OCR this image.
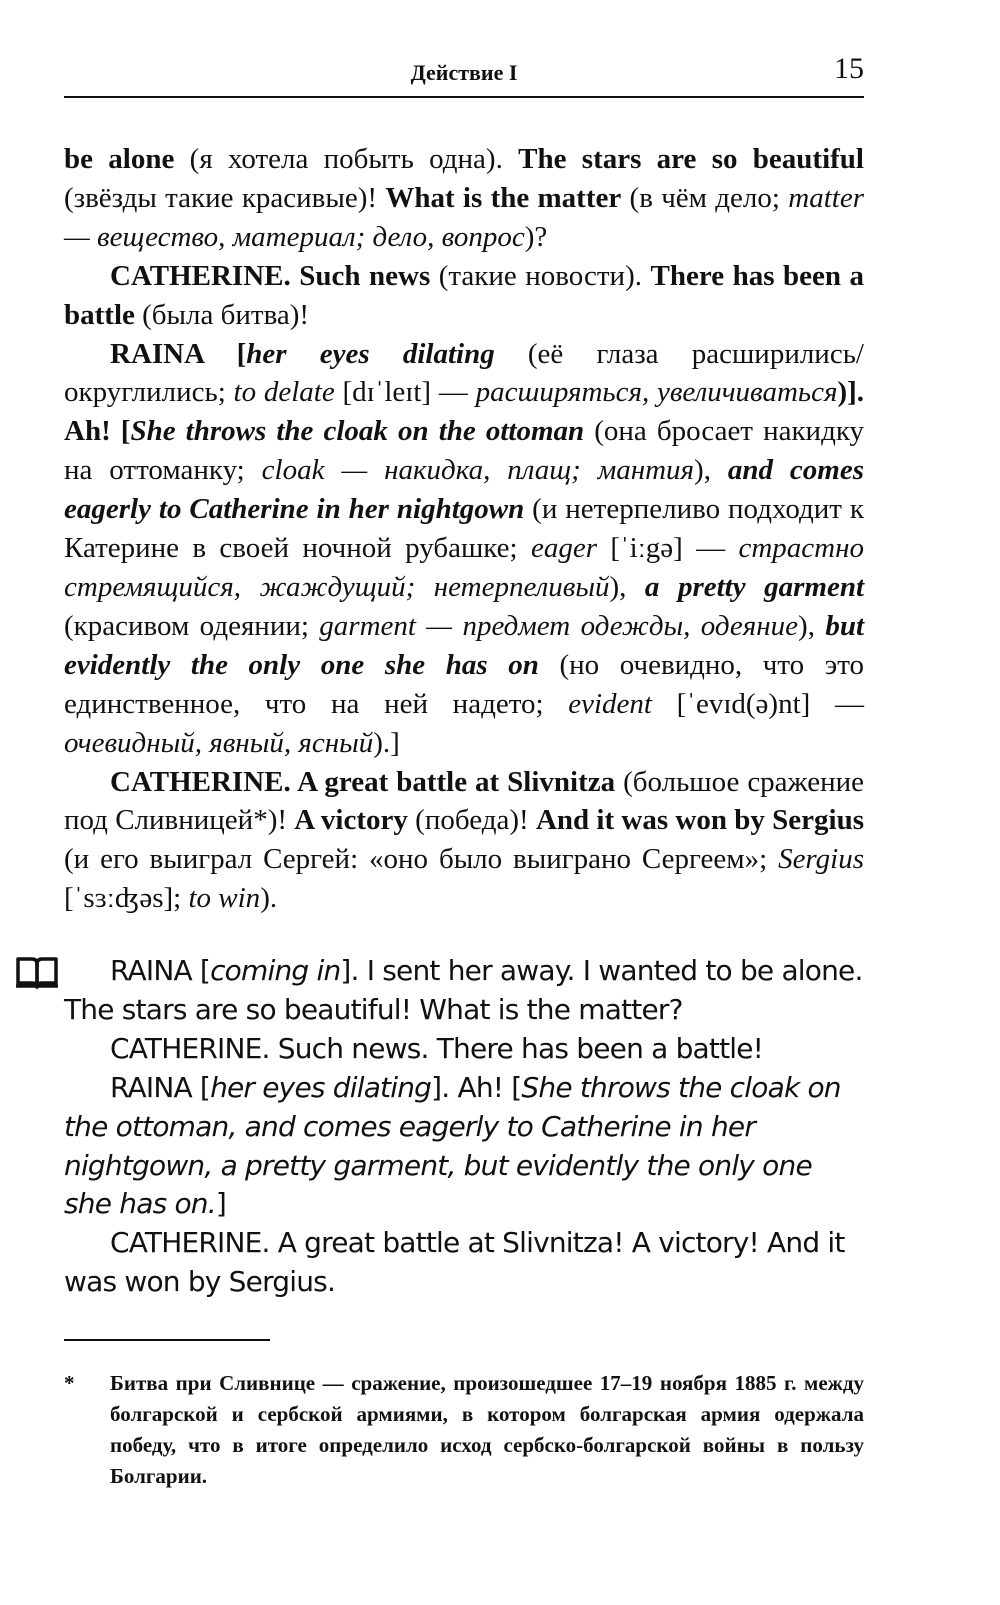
Действие I	15

be alone (я хотела побыть одна). The stars are so beautiful (звёзды такие красивые)! What is the matter (в чём дело; matter — вещество, материал; дело, вопрос)?

CATHERINE. Such news (такие новости). There has been a battle (была битва)!

RAINA [her eyes dilating (её глаза расширились/округлились; to delate [dɪˈleɪt] — расширяться, увеличиваться)]. Ah! [She throws the cloak on the ottoman (она бросает накидку на оттоманку; cloak — накидка, плащ; мантия), and comes eagerly to Catherine in her nightgown (и нетерпеливо подходит к Катерине в своей ночной рубашке; eager [ˈiːgə] — страстно стремящийся, жаждущий; нетерпеливый), a pretty garment (красивом одеянии; garment — предмет одежды, одеяние), but evidently the only one she has on (но очевидно, что это единственное, что на ней надето; evident [ˈevɪd(ə)nt] — очевидный, явный, ясный).]

CATHERINE. A great battle at Slivnitza (большое сражение под Сливницей*)! A victory (победа)! And it was won by Sergius (и его выиграл Сергей: «оно было выиграно Сергеем»; Sergius [ˈsɜːʤəs]; to win).

RAINA [coming in]. I sent her away. I wanted to be alone. The stars are so beautiful! What is the matter?

CATHERINE. Such news. There has been a battle!

RAINA [her eyes dilating]. Ah! [She throws the cloak on the ottoman, and comes eagerly to Catherine in her nightgown, a pretty garment, but evidently the only one she has on.]

CATHERINE. A great battle at Slivnitza! A victory! And it was won by Sergius.

* Битва при Сливнице — сражение, произошедшее 17–19 ноября 1885 г. между болгарской и сербской армиями, в котором болгарская армия одержала победу, что в итоге определило исход сербско-болгарской войны в пользу Болгарии.
